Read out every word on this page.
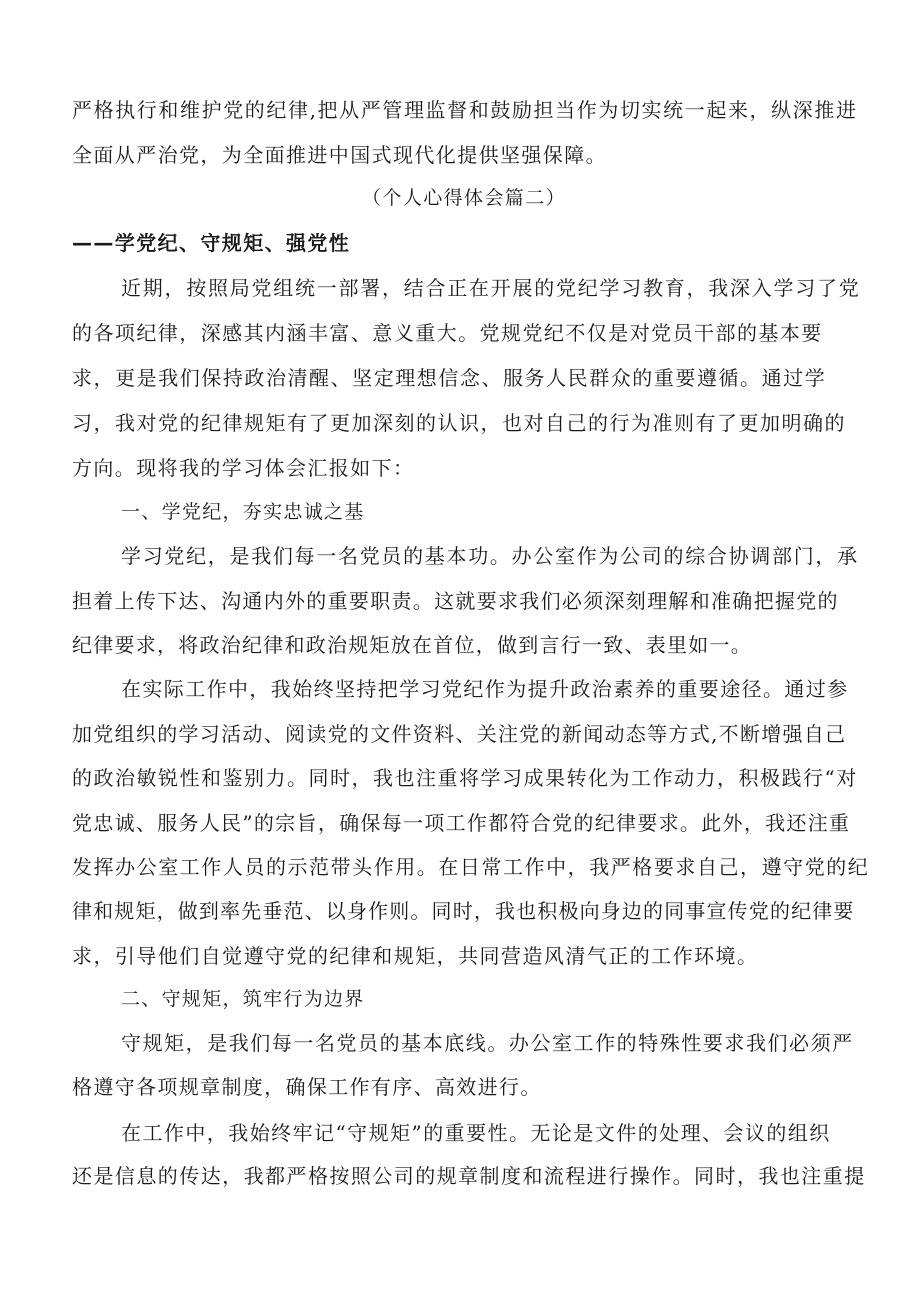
严格执行和维护党的纪律,把从严管理监督和鼓励担当作为切实统一起来，纵深推进
全面从严治党，为全面推进中国式现代化提供坚强保障。
（个人心得体会篇二）
——学党纪、守规矩、强党性
近期，按照局党组统一部署，结合正在开展的党纪学习教育，我深入学习了党
的各项纪律，深感其内涵丰富、意义重大。党规党纪不仅是对党员干部的基本要
求，更是我们保持政治清醒、坚定理想信念、服务人民群众的重要遵循。通过学
习，我对党的纪律规矩有了更加深刻的认识，也对自己的行为准则有了更加明确的
方向。现将我的学习体会汇报如下：
一、学党纪，夯实忠诚之基
学习党纪，是我们每一名党员的基本功。办公室作为公司的综合协调部门，承
担着上传下达、沟通内外的重要职责。这就要求我们必须深刻理解和准确把握党的
纪律要求，将政治纪律和政治规矩放在首位，做到言行一致、表里如一。
在实际工作中，我始终坚持把学习党纪作为提升政治素养的重要途径。通过参
加党组织的学习活动、阅读党的文件资料、关注党的新闻动态等方式,不断增强自己
的政治敏锐性和鉴别力。同时，我也注重将学习成果转化为工作动力，积极践行“对
党忠诚、服务人民”的宗旨，确保每一项工作都符合党的纪律要求。此外，我还注重
发挥办公室工作人员的示范带头作用。在日常工作中，我严格要求自己，遵守党的纪
律和规矩，做到率先垂范、以身作则。同时，我也积极向身边的同事宣传党的纪律要
求，引导他们自觉遵守党的纪律和规矩，共同营造风清气正的工作环境。
二、守规矩，筑牢行为边界
守规矩，是我们每一名党员的基本底线。办公室工作的特殊性要求我们必须严
格遵守各项规章制度，确保工作有序、高效进行。
在工作中，我始终牢记“守规矩”的重要性。无论是文件的处理、会议的组织
还是信息的传达，我都严格按照公司的规章制度和流程进行操作。同时，我也注重提
